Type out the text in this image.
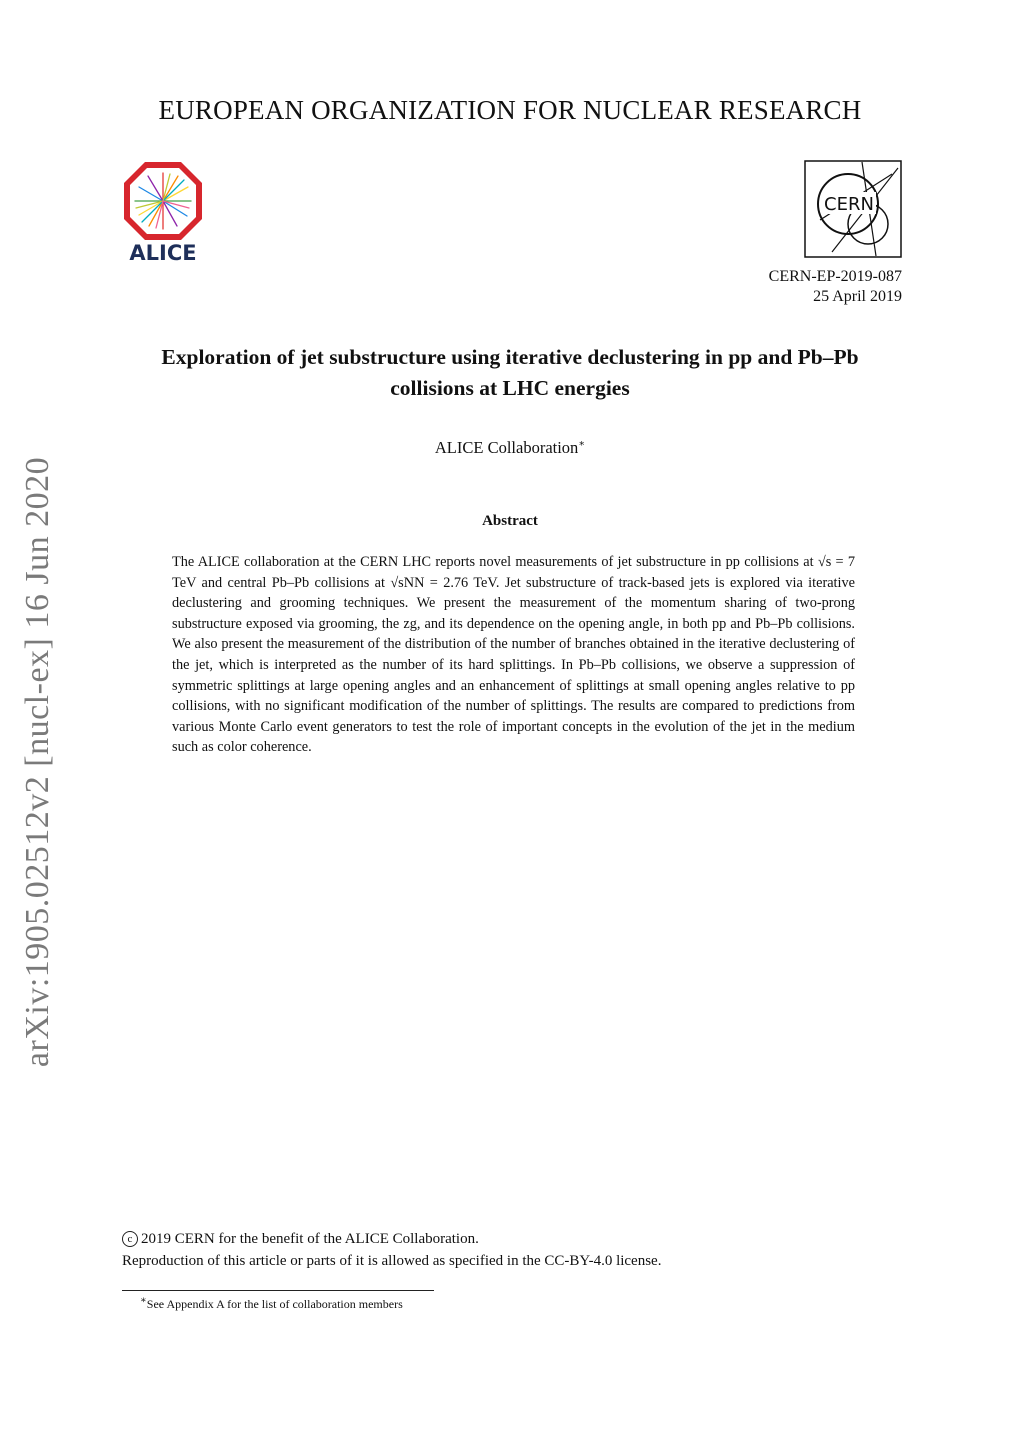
EUROPEAN ORGANIZATION FOR NUCLEAR RESEARCH
ALICE
CERN
CERN-EP-2019-087
25 April 2019
Exploration of jet substructure using iterative declustering in pp and Pb–Pb collisions at LHC energies
ALICE Collaboration∗
Abstract

The ALICE collaboration at the CERN LHC reports novel measurements of jet substructure in pp collisions at √s = 7 TeV and central Pb–Pb collisions at √sNN = 2.76 TeV. Jet substructure of track-based jets is explored via iterative declustering and grooming techniques. We present the measurement of the momentum sharing of two-prong substructure exposed via grooming, the zg, and its dependence on the opening angle, in both pp and Pb–Pb collisions. We also present the measurement of the distribution of the number of branches obtained in the iterative declustering of the jet, which is interpreted as the number of its hard splittings. In Pb–Pb collisions, we observe a suppression of symmetric splittings at large opening angles and an enhancement of splittings at small opening angles relative to pp collisions, with no significant modification of the number of splittings. The results are compared to predictions from various Monte Carlo event generators to test the role of important concepts in the evolution of the jet in the medium such as color coherence.

arXiv:1905.02512v2 [nucl-ex] 16 Jun 2020
c 2019 CERN for the benefit of the ALICE Collaboration.
Reproduction of this article or parts of it is allowed as specified in the CC-BY-4.0 license.
∗See Appendix A for the list of collaboration members
